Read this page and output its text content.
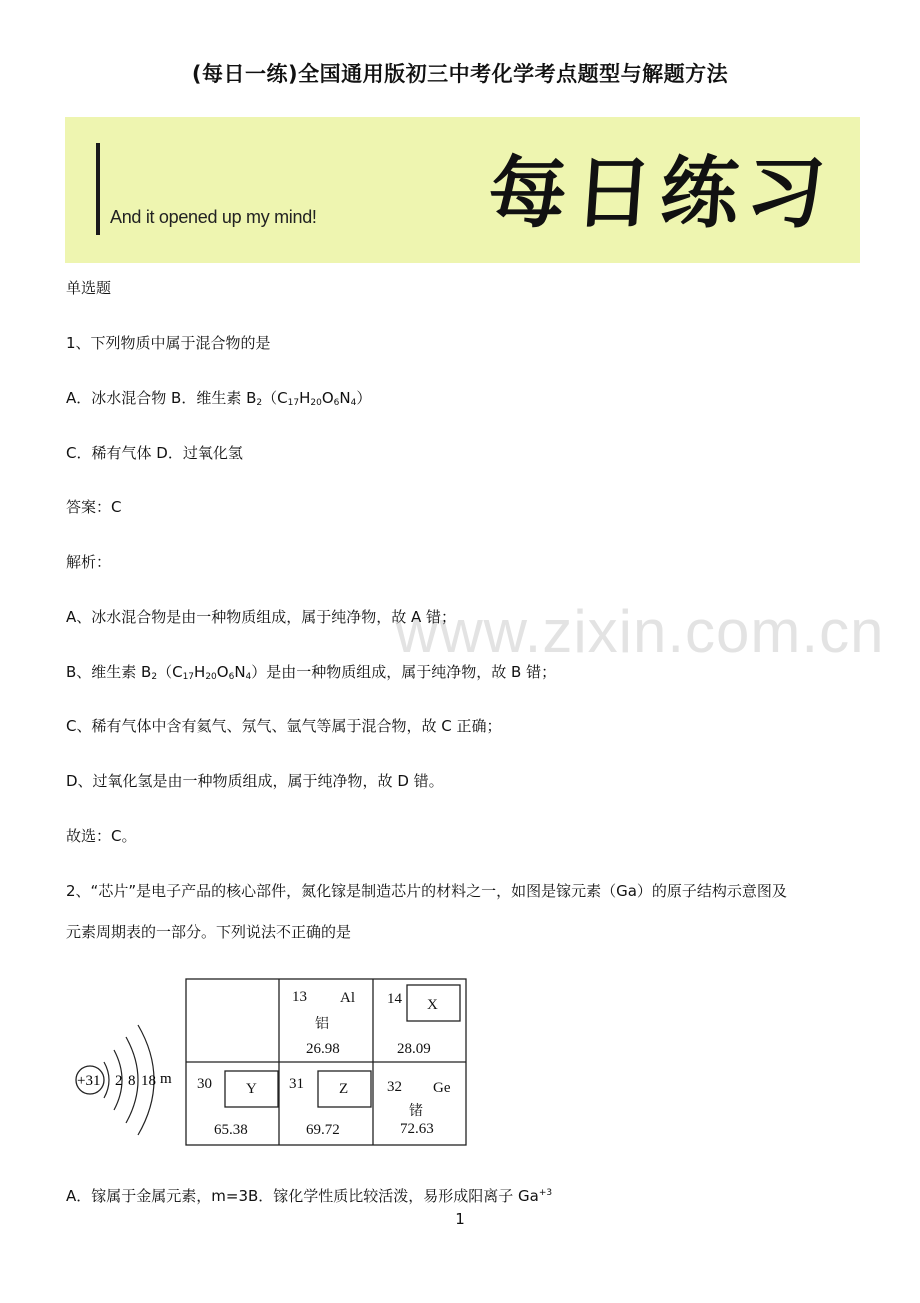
(每日一练)全国通用版初三中考化学考点题型与解题方法
And it opened up my mind! 每日练习
www.zixin.com.cn
单选题
1、下列物质中属于混合物的是
A．冰水混合物 B．维生素 $B_2(C_{17}H_{20}O_6N_4)$
C．稀有气体 D．过氧化氢
答案：C
解析：
A、冰水混合物是由一种物质组成，属于纯净物，故 A 错；
B、维生素 $B_2(C_{17}H_{20}O_6N_4)$是由一种物质组成，属于纯净物，故 B 错；
C、稀有气体中含有氦气、氖气、氩气等属于混合物，故 C 正确；
D、过氧化氢是由一种物质组成，属于纯净物，故 D 错。
故选：C。
2、“芯片”是电子产品的核心部件，氮化镓是制造芯片的材料之一，如图是镓元素（Ga）的原子结构示意图及
元素周期表的一部分。下列说法不正确的是
+31 2 8 18 m
13 Al
铝
26.98
14 X
28.09
30 Y
65.38
31 Z
69.72
32 Ge
锗
72.63
A．镓属于金属元素，m=3B．镓化学性质比较活泼，易形成阳离子 $Ga^{+3}$
1
